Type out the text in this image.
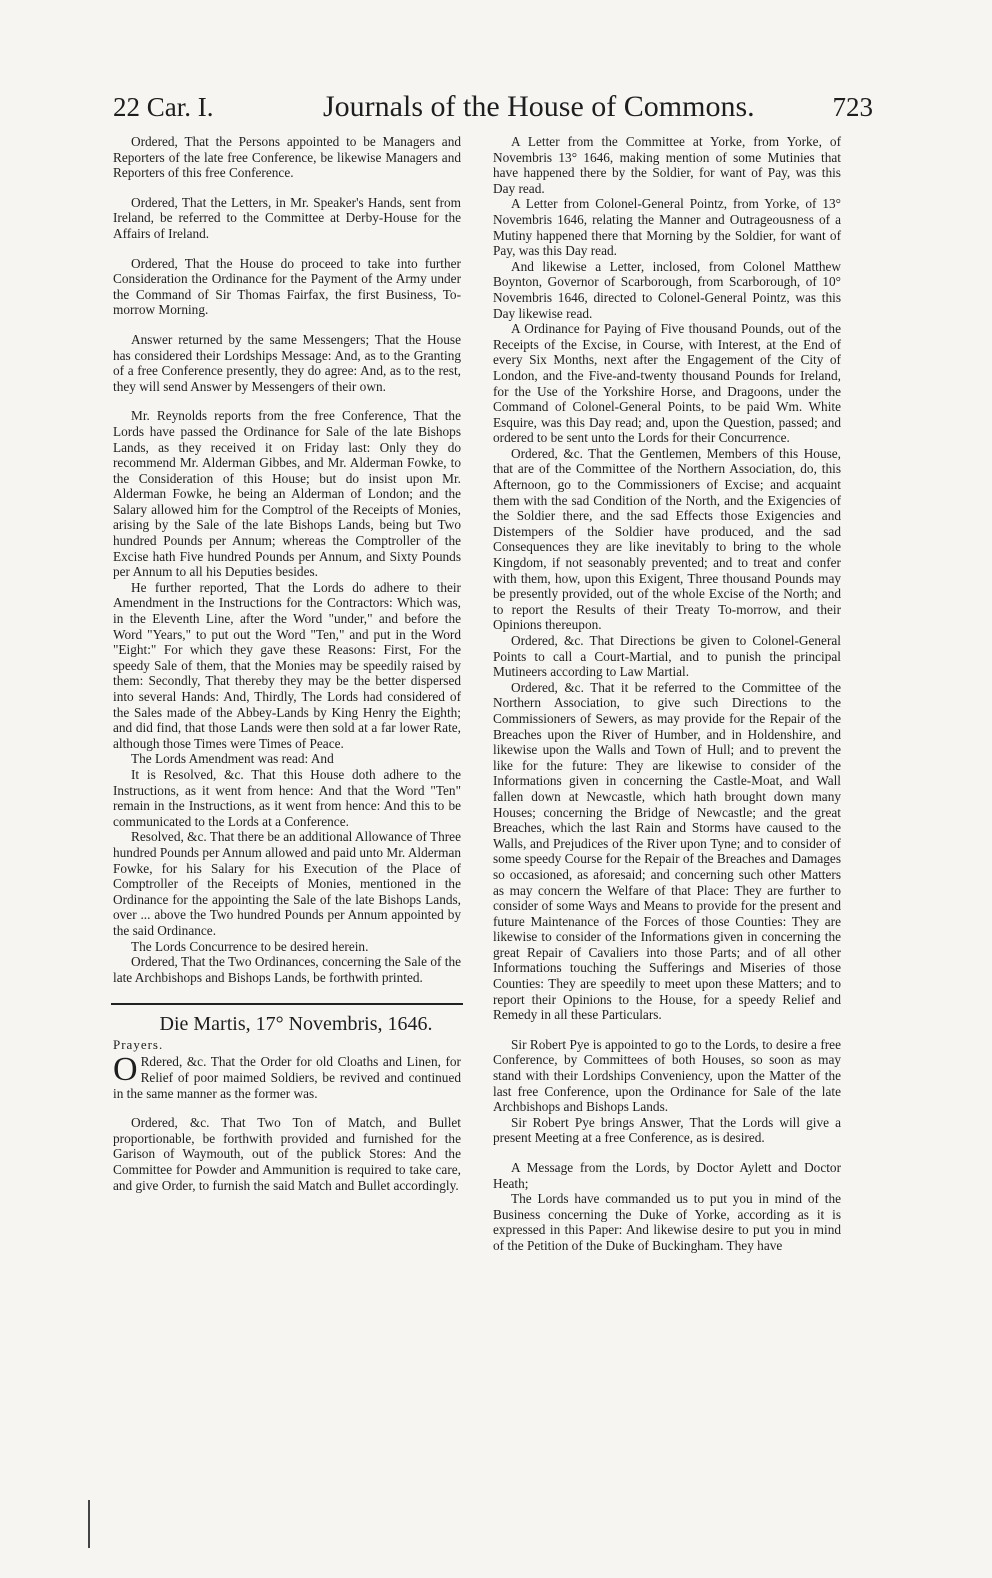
22 Car. I.	Journals of the House of Commons.	723

Ordered, That the Persons appointed to be Managers and Reporters of the late free Conference, be likewise Managers and Reporters of this free Conference.

Ordered, That the Letters, in Mr. Speaker's Hands, sent from Ireland, be referred to the Committee at Derby-House for the Affairs of Ireland.

Ordered, That the House do proceed to take into further Consideration the Ordinance for the Payment of the Army under the Command of Sir Thomas Fairfax, the first Business, To-morrow Morning.

Answer returned by the same Messengers; That the House has considered their Lordships Message: And, as to the Granting of a free Conference presently, they do agree: And, as to the rest, they will send Answer by Messengers of their own.

Mr. Reynolds reports from the free Conference, That the Lords have passed the Ordinance for Sale of the late Bishops Lands, as they received it on Friday last: Only they do recommend Mr. Alderman Gibbes, and Mr. Alderman Fowke, to the Consideration of this House; but do insist upon Mr. Alderman Fowke, he being an Alderman of London; and the Salary allowed him for the Comptrol of the Receipts of Monies, arising by the Sale of the late Bishops Lands, being but Two hundred Pounds per Annum; whereas the Comptroller of the Excise hath Five hundred Pounds per Annum, and Sixty Pounds per Annum to all his Deputies besides.

He further reported, That the Lords do adhere to their Amendment in the Instructions for the Contractors: Which was, in the Eleventh Line, after the Word "under," and before the Word "Years," to put out the Word "Ten," and put in the Word "Eight:" For which they gave these Reasons: First, For the speedy Sale of them, that the Monies may be speedily raised by them: Secondly, That thereby they may be the better dispersed into several Hands: And, Thirdly, The Lords had considered of the Sales made of the Abbey-Lands by King Henry the Eighth; and did find, that those Lands were then sold at a far lower Rate, although those Times were Times of Peace.

The Lords Amendment was read: And

It is Resolved, &c. That this House doth adhere to the Instructions, as it went from hence: And that the Word "Ten" remain in the Instructions, as it went from hence: And this to be communicated to the Lords at a Conference.

Resolved, &c. That there be an additional Allowance of Three hundred Pounds per Annum allowed and paid unto Mr. Alderman Fowke, for his Salary for his Execution of the Place of Comptroller of the Receipts of Monies, mentioned in the Ordinance for the appointing the Sale of the late Bishops Lands, over ... above the Two hundred Pounds per Annum appointed by the said Ordinance.

The Lords Concurrence to be desired herein.

Ordered, That the Two Ordinances, concerning the Sale of the late Archbishops and Bishops Lands, be forthwith printed.

Die Martis, 17° Novembris, 1646.

Prayers.

O Rdered, &c. That the Order for old Cloaths and Linen, for Relief of poor maimed Soldiers, be revived and continued in the same manner as the former was.

Ordered, &c. That Two Ton of Match, and Bullet proportionable, be forthwith provided and furnished for the Garison of Waymouth, out of the publick Stores: And the Committee for Powder and Ammunition is required to take care, and give Order, to furnish the said Match and Bullet accordingly.

A Letter from the Committee at Yorke, from Yorke, of Novembris 13° 1646, making mention of some Mutinies that have happened there by the Soldier, for want of Pay, was this Day read.

A Letter from Colonel-General Pointz, from Yorke, of 13° Novembris 1646, relating the Manner and Outrageousness of a Mutiny happened there that Morning by the Soldier, for want of Pay, was this Day read.

And likewise a Letter, inclosed, from Colonel Matthew Boynton, Governor of Scarborough, from Scarborough, of 10° Novembris 1646, directed to Colonel-General Pointz, was this Day likewise read.

A Ordinance for Paying of Five thousand Pounds, out of the Receipts of the Excise, in Course, with Interest, at the End of every Six Months, next after the Engagement of the City of London, and the Five-and-twenty thousand Pounds for Ireland, for the Use of the Yorkshire Horse, and Dragoons, under the Command of Colonel-General Points, to be paid Wm. White Esquire, was this Day read; and, upon the Question, passed; and ordered to be sent unto the Lords for their Concurrence.

Ordered, &c. That the Gentlemen, Members of this House, that are of the Committee of the Northern Association, do, this Afternoon, go to the Commissioners of Excise; and acquaint them with the sad Condition of the North, and the Exigencies of the Soldier there, and the sad Effects those Exigencies and Distempers of the Soldier have produced, and the sad Consequences they are like inevitably to bring to the whole Kingdom, if not seasonably prevented; and to treat and confer with them, how, upon this Exigent, Three thousand Pounds may be presently provided, out of the whole Excise of the North; and to report the Results of their Treaty To-morrow, and their Opinions thereupon.

Ordered, &c. That Directions be given to Colonel-General Points to call a Court-Martial, and to punish the principal Mutineers according to Law Martial.

Ordered, &c. That it be referred to the Committee of the Northern Association, to give such Directions to the Commissioners of Sewers, as may provide for the Repair of the Breaches upon the River of Humber, and in Holdenshire, and likewise upon the Walls and Town of Hull; and to prevent the like for the future: They are likewise to consider of the Informations given in concerning the Castle-Moat, and Wall fallen down at Newcastle, which hath brought down many Houses; concerning the Bridge of Newcastle; and the great Breaches, which the last Rain and Storms have caused to the Walls, and Prejudices of the River upon Tyne; and to consider of some speedy Course for the Repair of the Breaches and Damages so occasioned, as aforesaid; and concerning such other Matters as may concern the Welfare of that Place: They are further to consider of some Ways and Means to provide for the present and future Maintenance of the Forces of those Counties: They are likewise to consider of the Informations given in concerning the great Repair of Cavaliers into those Parts; and of all other Informations touching the Sufferings and Miseries of those Counties: They are speedily to meet upon these Matters; and to report their Opinions to the House, for a speedy Relief and Remedy in all these Particulars.

Sir Robert Pye is appointed to go to the Lords, to desire a free Conference, by Committees of both Houses, so soon as may stand with their Lordships Conveniency, upon the Matter of the last free Conference, upon the Ordinance for Sale of the late Archbishops and Bishops Lands.

Sir Robert Pye brings Answer, That the Lords will give a present Meeting at a free Conference, as is desired.

A Message from the Lords, by Doctor Aylett and Doctor Heath;

The Lords have commanded us to put you in mind of the Business concerning the Duke of Yorke, according as it is expressed in this Paper: And likewise desire to put you in mind of the Petition of the Duke of Buckingham. They have
